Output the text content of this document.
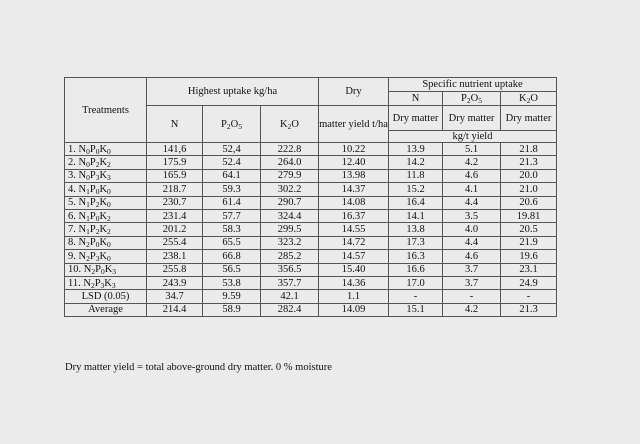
Treatments	Highest uptake kg/ha			Dry	Specific nutrient uptake		
					N	$P_2O_5$	$K_2O$
	N	$P_2O_5$	$K_2O$	matter yield t/ha	Dry matter	Dry matter	Dry matter
					kg/t yield		
1. $N_0P_0K_0$	141,6	52,4	222.8	10.22	13.9	5.1	21.8
2. $N_0P_2K_2$	175.9	52.4	264.0	12.40	14.2	4.2	21.3
3. $N_0P_3K_3$	165.9	64.1	279.9	13.98	11.8	4.6	20.0
4. $N_1P_0K_0$	218.7	59.3	302.2	14.37	15.2	4.1	21.0
5. $N_1P_2K_0$	230.7	61.4	290.7	14.08	16.4	4.4	20.6
6. $N_1P_0K_2$	231.4	57.7	324.4	16.37	14.1	3.5	19.81
7. $N_1P_2K_2$	201.2	58.3	299.5	14.55	13.8	4.0	20.5
8. $N_2P_0K_0$	255.4	65.5	323.2	14.72	17.3	4.4	21.9
9. $N_2P_3K_0$	238.1	66.8	285.2	14.57	16.3	4.6	19.6
10. $N_2P_0K_3$	255.8	56.5	356.5	15.40	16.6	3.7	23.1
11. $N_2P_3K_3$	243.9	53.8	357.7	14.36	17.0	3.7	24.9
LSD (0.05)	34.7	9.59	42.1	1.1	-	-	-
Average	214.4	58.9	282.4	14.09	15.1	4.2	21.3
Dry matter yield = total above-ground dry matter. 0 % moisture
